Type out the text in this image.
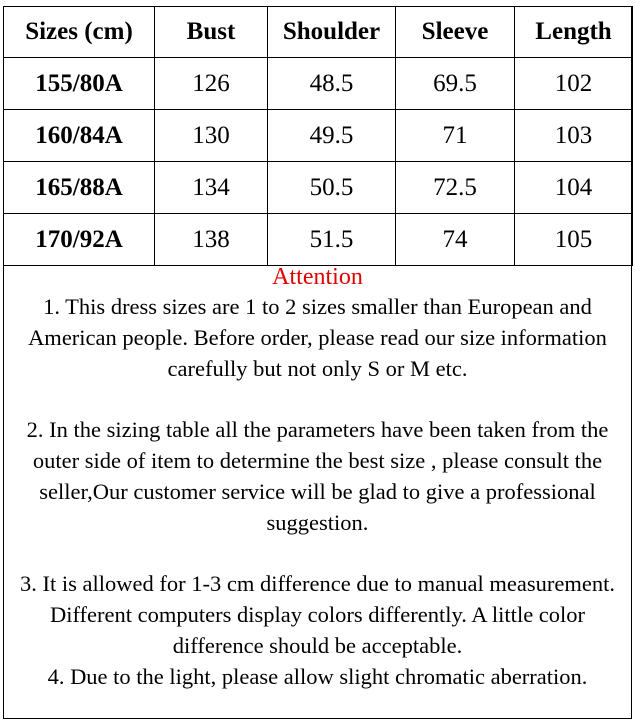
Sizes (cm)	Bust	Shoulder	Sleeve	Length
155/80A	126	48.5	69.5	102
160/84A	130	49.5	71	103
165/88A	134	50.5	72.5	104
170/92A	138	51.5	74	105

Attention

1. This dress sizes are 1 to 2 sizes smaller than European and American people. Before order, please read our size information carefully but not only S or M etc.

2. In the sizing table all the parameters have been taken from the outer side of item to determine the best size , please consult the seller,Our customer service will be glad to give a professional suggestion.

3. It is allowed for 1-3 cm difference due to manual measurement. Different computers display colors differently. A little color difference should be acceptable.

4. Due to the light, please allow slight chromatic aberration.
